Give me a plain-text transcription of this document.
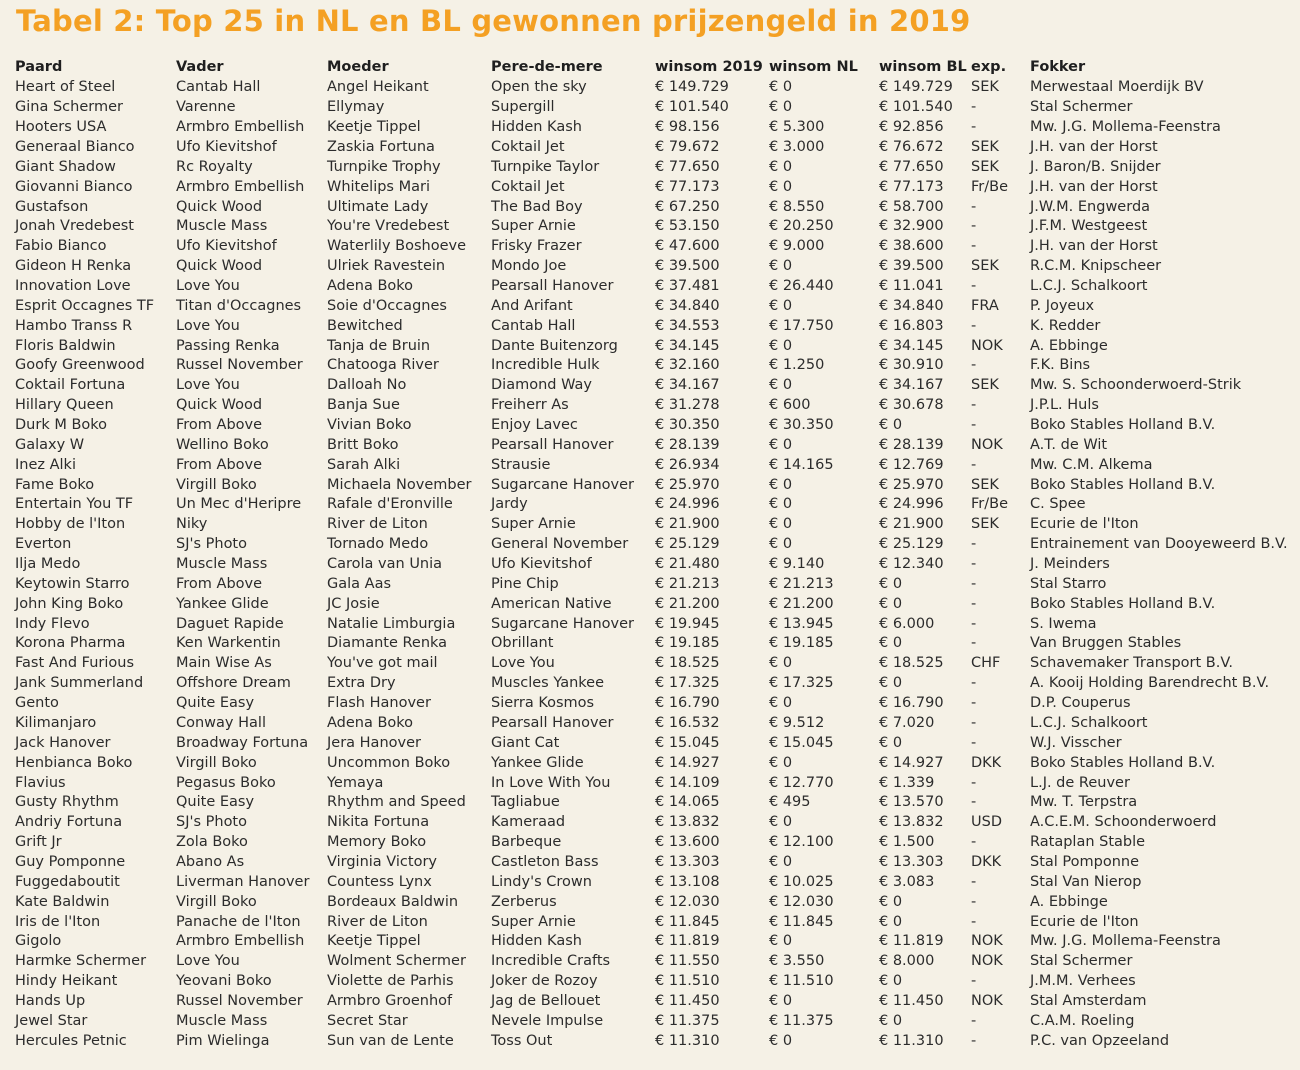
Tabel 2: Top 25 in NL en BL gewonnen prijzengeld in 2019
Paard	Vader	Moeder	Pere-de-mere	winsom 2019	winsom NL	winsom BL	exp.	Fokker
Heart of Steel	Cantab Hall	Angel Heikant	Open the sky	€ 149.729	€ 0	€ 149.729	SEK	Merwestaal Moerdijk BV
Gina Schermer	Varenne	Ellymay	Supergill	€ 101.540	€ 0	€ 101.540	-	Stal Schermer
Hooters USA	Armbro Embellish	Keetje Tippel	Hidden Kash	€ 98.156	€ 5.300	€ 92.856	-	Mw. J.G. Mollema-Feenstra
Generaal Bianco	Ufo Kievitshof	Zaskia Fortuna	Coktail Jet	€ 79.672	€ 3.000	€ 76.672	SEK	J.H. van der Horst
Giant Shadow	Rc Royalty	Turnpike Trophy	Turnpike Taylor	€ 77.650	€ 0	€ 77.650	SEK	J. Baron/B. Snijder
Giovanni Bianco	Armbro Embellish	Whitelips Mari	Coktail Jet	€ 77.173	€ 0	€ 77.173	Fr/Be	J.H. van der Horst
Gustafson	Quick Wood	Ultimate Lady	The Bad Boy	€ 67.250	€ 8.550	€ 58.700	-	J.W.M. Engwerda
Jonah Vredebest	Muscle Mass	You're Vredebest	Super Arnie	€ 53.150	€ 20.250	€ 32.900	-	J.F.M. Westgeest
Fabio Bianco	Ufo Kievitshof	Waterlily Boshoeve	Frisky Frazer	€ 47.600	€ 9.000	€ 38.600	-	J.H. van der Horst
Gideon H Renka	Quick Wood	Ulriek Ravestein	Mondo Joe	€ 39.500	€ 0	€ 39.500	SEK	R.C.M. Knipscheer
Innovation Love	Love You	Adena Boko	Pearsall Hanover	€ 37.481	€ 26.440	€ 11.041	-	L.C.J. Schalkoort
Esprit Occagnes TF	Titan d'Occagnes	Soie d'Occagnes	And Arifant	€ 34.840	€ 0	€ 34.840	FRA	P. Joyeux
Hambo Transs R	Love You	Bewitched	Cantab Hall	€ 34.553	€ 17.750	€ 16.803	-	K. Redder
Floris Baldwin	Passing Renka	Tanja de Bruin	Dante Buitenzorg	€ 34.145	€ 0	€ 34.145	NOK	A. Ebbinge
Goofy Greenwood	Russel November	Chatooga River	Incredible Hulk	€ 32.160	€ 1.250	€ 30.910	-	F.K. Bins
Coktail Fortuna	Love You	Dalloah No	Diamond Way	€ 34.167	€ 0	€ 34.167	SEK	Mw. S. Schoonderwoerd-Strik
Hillary Queen	Quick Wood	Banja Sue	Freiherr As	€ 31.278	€ 600	€ 30.678	-	J.P.L. Huls
Durk M Boko	From Above	Vivian Boko	Enjoy Lavec	€ 30.350	€ 30.350	€ 0	-	Boko Stables Holland B.V.
Galaxy W	Wellino Boko	Britt Boko	Pearsall Hanover	€ 28.139	€ 0	€ 28.139	NOK	A.T. de Wit
Inez Alki	From Above	Sarah Alki	Strausie	€ 26.934	€ 14.165	€ 12.769	-	Mw. C.M. Alkema
Fame Boko	Virgill Boko	Michaela November	Sugarcane Hanover	€ 25.970	€ 0	€ 25.970	SEK	Boko Stables Holland B.V.
Entertain You TF	Un Mec d'Heripre	Rafale d'Eronville	Jardy	€ 24.996	€ 0	€ 24.996	Fr/Be	C. Spee
Hobby de l'Iton	Niky	River de Liton	Super Arnie	€ 21.900	€ 0	€ 21.900	SEK	Ecurie de l'Iton
Everton	SJ's Photo	Tornado Medo	General November	€ 25.129	€ 0	€ 25.129	-	Entrainement van Dooyeweerd B.V.
Ilja Medo	Muscle Mass	Carola van Unia	Ufo Kievitshof	€ 21.480	€ 9.140	€ 12.340	-	J. Meinders
Keytowin Starro	From Above	Gala Aas	Pine Chip	€ 21.213	€ 21.213	€ 0	-	Stal Starro
John King Boko	Yankee Glide	JC Josie	American Native	€ 21.200	€ 21.200	€ 0	-	Boko Stables Holland B.V.
Indy Flevo	Daguet Rapide	Natalie Limburgia	Sugarcane Hanover	€ 19.945	€ 13.945	€ 6.000	-	S. Iwema
Korona Pharma	Ken Warkentin	Diamante Renka	Obrillant	€ 19.185	€ 19.185	€ 0	-	Van Bruggen Stables
Fast And Furious	Main Wise As	You've got mail	Love You	€ 18.525	€ 0	€ 18.525	CHF	Schavemaker Transport B.V.
Jank Summerland	Offshore Dream	Extra Dry	Muscles Yankee	€ 17.325	€ 17.325	€ 0	-	A. Kooij Holding Barendrecht B.V.
Gento	Quite Easy	Flash Hanover	Sierra Kosmos	€ 16.790	€ 0	€ 16.790	-	D.P. Couperus
Kilimanjaro	Conway Hall	Adena Boko	Pearsall Hanover	€ 16.532	€ 9.512	€ 7.020	-	L.C.J. Schalkoort
Jack Hanover	Broadway Fortuna	Jera Hanover	Giant Cat	€ 15.045	€ 15.045	€ 0	-	W.J. Visscher
Henbianca Boko	Virgill Boko	Uncommon Boko	Yankee Glide	€ 14.927	€ 0	€ 14.927	DKK	Boko Stables Holland B.V.
Flavius	Pegasus Boko	Yemaya	In Love With You	€ 14.109	€ 12.770	€ 1.339	-	L.J. de Reuver
Gusty Rhythm	Quite Easy	Rhythm and Speed	Tagliabue	€ 14.065	€ 495	€ 13.570	-	Mw. T. Terpstra
Andriy Fortuna	SJ's Photo	Nikita Fortuna	Kameraad	€ 13.832	€ 0	€ 13.832	USD	A.C.E.M. Schoonderwoerd
Grift Jr	Zola Boko	Memory Boko	Barbeque	€ 13.600	€ 12.100	€ 1.500	-	Rataplan Stable
Guy Pomponne	Abano As	Virginia Victory	Castleton Bass	€ 13.303	€ 0	€ 13.303	DKK	Stal Pomponne
Fuggedaboutit	Liverman Hanover	Countess Lynx	Lindy's Crown	€ 13.108	€ 10.025	€ 3.083	-	Stal Van Nierop
Kate Baldwin	Virgill Boko	Bordeaux Baldwin	Zerberus	€ 12.030	€ 12.030	€ 0	-	A. Ebbinge
Iris de l'Iton	Panache de l'Iton	River de Liton	Super Arnie	€ 11.845	€ 11.845	€ 0	-	Ecurie de l'Iton
Gigolo	Armbro Embellish	Keetje Tippel	Hidden Kash	€ 11.819	€ 0	€ 11.819	NOK	Mw. J.G. Mollema-Feenstra
Harmke Schermer	Love You	Wolment Schermer	Incredible Crafts	€ 11.550	€ 3.550	€ 8.000	NOK	Stal Schermer
Hindy Heikant	Yeovani Boko	Violette de Parhis	Joker de Rozoy	€ 11.510	€ 11.510	€ 0	-	J.M.M. Verhees
Hands Up	Russel November	Armbro Groenhof	Jag de Bellouet	€ 11.450	€ 0	€ 11.450	NOK	Stal Amsterdam
Jewel Star	Muscle Mass	Secret Star	Nevele Impulse	€ 11.375	€ 11.375	€ 0	-	C.A.M. Roeling
Hercules Petnic	Pim Wielinga	Sun van de Lente	Toss Out	€ 11.310	€ 0	€ 11.310	-	P.C. van Opzeeland
